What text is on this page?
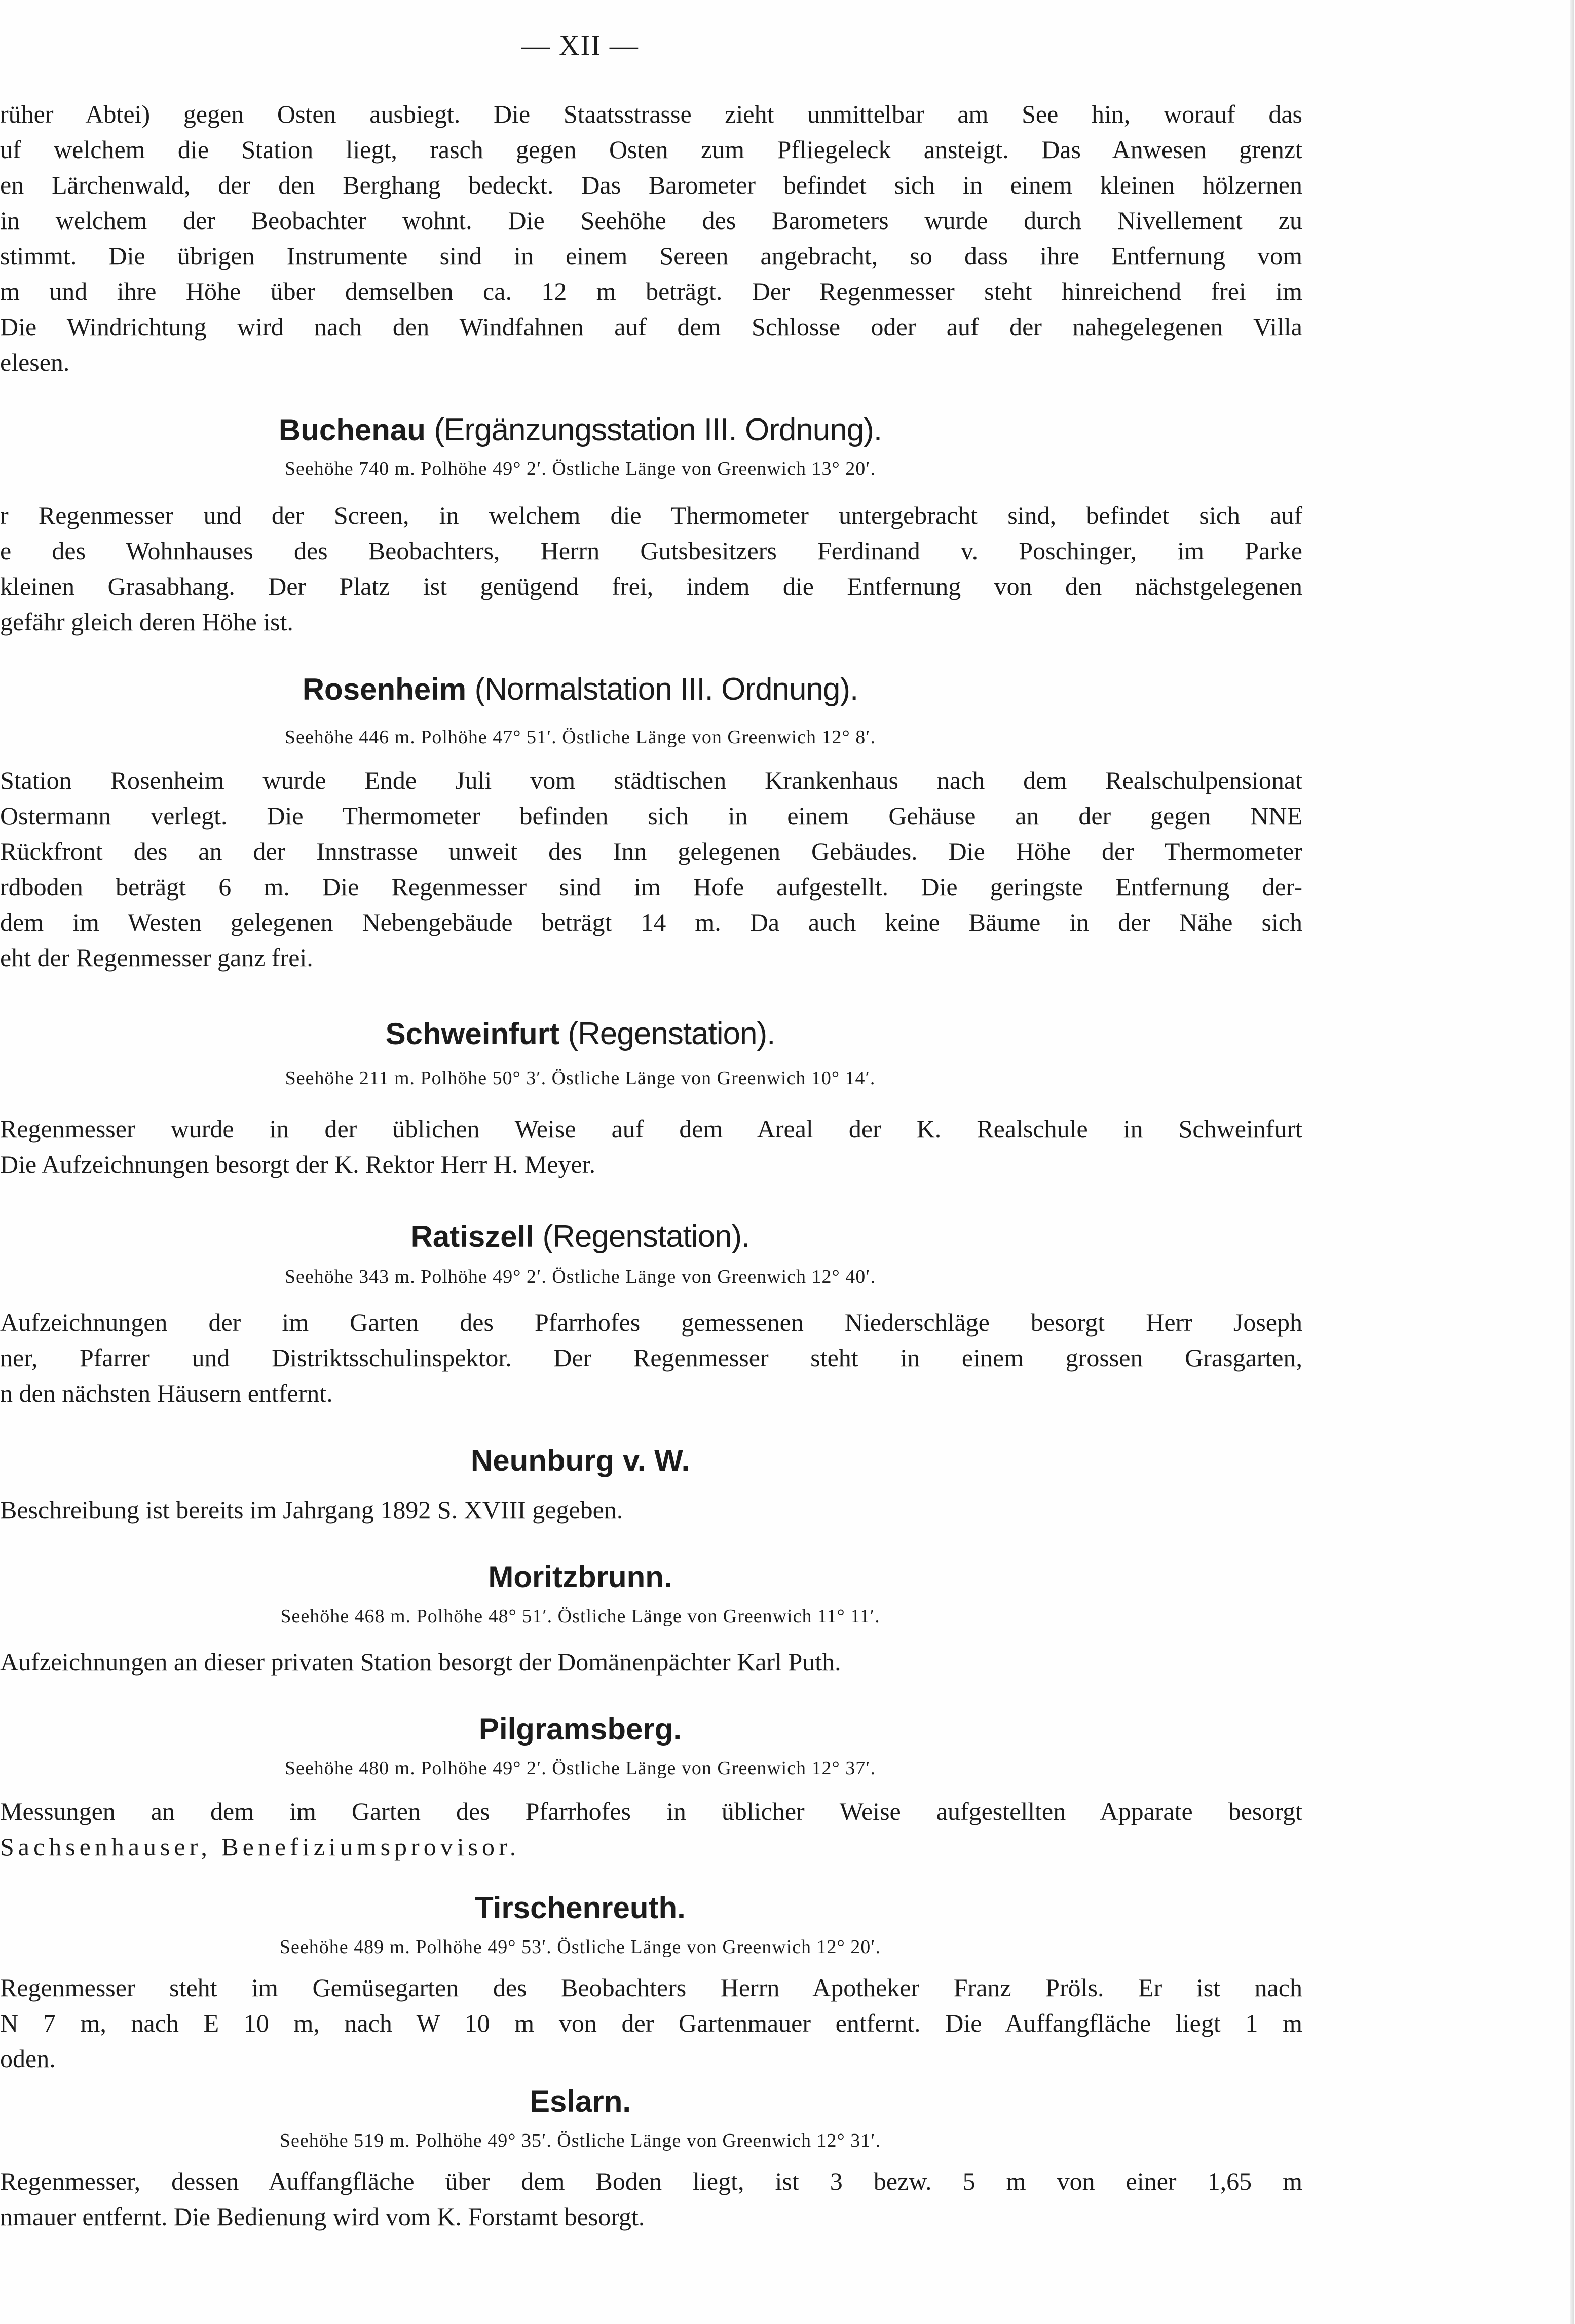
— XII —
rüher Abtei) gegen Osten ausbiegt. Die Staatsstrasse zieht unmittelbar am See hin, worauf das
uf welchem die Station liegt, rasch gegen Osten zum Pfliegeleck ansteigt. Das Anwesen grenzt
en Lärchenwald, der den Berghang bedeckt. Das Barometer befindet sich in einem kleinen hölzernen
in welchem der Beobachter wohnt. Die Seehöhe des Barometers wurde durch Nivellement zu
stimmt. Die übrigen Instrumente sind in einem Sereen angebracht, so dass ihre Entfernung vom
m und ihre Höhe über demselben ca. 12 m beträgt. Der Regenmesser steht hinreichend frei im
Die Windrichtung wird nach den Windfahnen auf dem Schlosse oder auf der nahegelegenen Villa
elesen.
Buchenau (Ergänzungsstation III. Ordnung).
Seehöhe 740 m. Polhöhe 49° 2′. Östliche Länge von Greenwich 13° 20′.
r Regenmesser und der Screen, in welchem die Thermometer untergebracht sind, befindet sich auf
e des Wohnhauses des Beobachters, Herrn Gutsbesitzers Ferdinand v. Poschinger, im Parke
kleinen Grasabhang. Der Platz ist genügend frei, indem die Entfernung von den nächstgelegenen
gefähr gleich deren Höhe ist.
Rosenheim (Normalstation III. Ordnung).
Seehöhe 446 m. Polhöhe 47° 51′. Östliche Länge von Greenwich 12° 8′.
Station Rosenheim wurde Ende Juli vom städtischen Krankenhaus nach dem Realschulpensionat
Ostermann verlegt. Die Thermometer befinden sich in einem Gehäuse an der gegen NNE
Rückfront des an der Innstrasse unweit des Inn gelegenen Gebäudes. Die Höhe der Thermometer
rdboden beträgt 6 m. Die Regenmesser sind im Hofe aufgestellt. Die geringste Entfernung der-
dem im Westen gelegenen Nebengebäude beträgt 14 m. Da auch keine Bäume in der Nähe sich
eht der Regenmesser ganz frei.
Schweinfurt (Regenstation).
Seehöhe 211 m. Polhöhe 50° 3′. Östliche Länge von Greenwich 10° 14′.
Regenmesser wurde in der üblichen Weise auf dem Areal der K. Realschule in Schweinfurt
Die Aufzeichnungen besorgt der K. Rektor Herr H. Meyer.
Ratiszell (Regenstation).
Seehöhe 343 m. Polhöhe 49° 2′. Östliche Länge von Greenwich 12° 40′.
Aufzeichnungen der im Garten des Pfarrhofes gemessenen Niederschläge besorgt Herr Joseph
ner, Pfarrer und Distriktsschulinspektor. Der Regenmesser steht in einem grossen Grasgarten,
n den nächsten Häusern entfernt.
Neunburg v. W.
Beschreibung ist bereits im Jahrgang 1892 S. XVIII gegeben.
Moritzbrunn.
Seehöhe 468 m. Polhöhe 48° 51′. Östliche Länge von Greenwich 11° 11′.
Aufzeichnungen an dieser privaten Station besorgt der Domänenpächter Karl Puth.
Pilgramsberg.
Seehöhe 480 m. Polhöhe 49° 2′. Östliche Länge von Greenwich 12° 37′.
Messungen an dem im Garten des Pfarrhofes in üblicher Weise aufgestellten Apparate besorgt
Sachsenhauser, Benefiziumsprovisor.
Tirschenreuth.
Seehöhe 489 m. Polhöhe 49° 53′. Östliche Länge von Greenwich 12° 20′.
Regenmesser steht im Gemüsegarten des Beobachters Herrn Apotheker Franz Pröls. Er ist nach
N 7 m, nach E 10 m, nach W 10 m von der Gartenmauer entfernt. Die Auffangfläche liegt 1 m
oden.
Eslarn.
Seehöhe 519 m. Polhöhe 49° 35′. Östliche Länge von Greenwich 12° 31′.
Regenmesser, dessen Auffangfläche über dem Boden liegt, ist 3 bezw. 5 m von einer 1,65 m
nmauer entfernt. Die Bedienung wird vom K. Forstamt besorgt.
